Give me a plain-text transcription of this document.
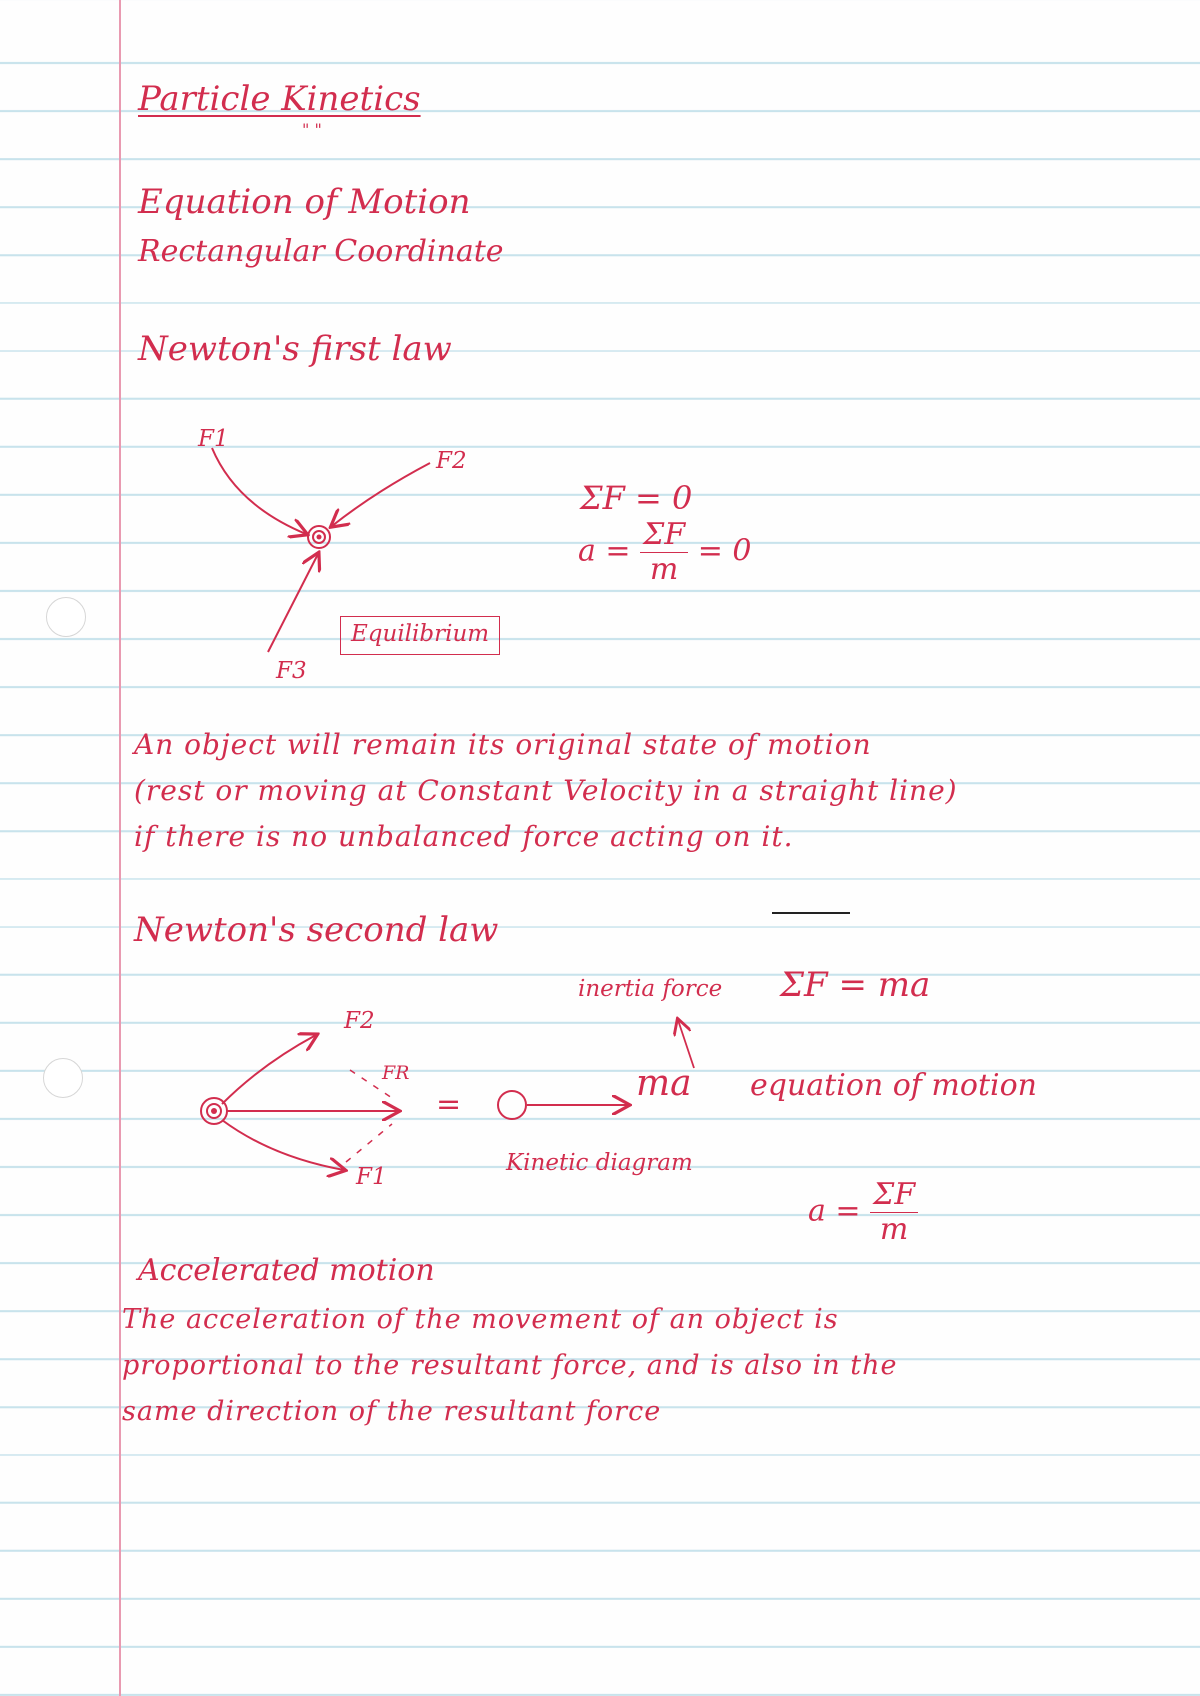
Particle Kinetics
" "
Equation of Motion
Rectangular Coordinate
Newton's first law
F1
F2
F3
Equilibrium
ΣF = 0
$a = \frac{\Sigma F}{m} = 0$
An object will remain its original state of motion
(rest or moving at Constant Velocity in a straight line)
if there is no unbalanced force acting on it.
Newton's second law
inertia force ΣF = ma
F2
FR
F1
=
ma equation of motion
Kinetic diagram
$a = \frac{\Sigma F}{m}$
Accelerated motion
The acceleration of the movement of an object is
proportional to the resultant force, and is also in the
same direction of the resultant force
